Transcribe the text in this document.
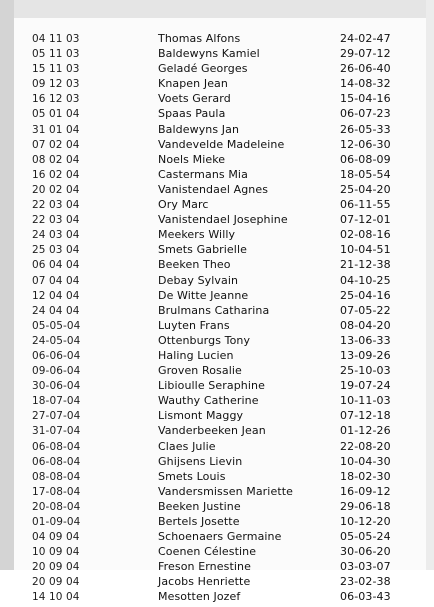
04 11 03	Thomas Alfons	24-02-47
05 11 03	Baldewyns Kamiel	29-07-12
15 11 03	Geladé Georges	26-06-40
09 12 03	Knapen Jean	14-08-32
16 12 03	Voets Gerard	15-04-16
05 01 04	Spaas Paula	06-07-23
31 01 04	Baldewyns Jan	26-05-33
07 02 04	Vandevelde Madeleine	12-06-30
08 02 04	Noels Mieke	06-08-09
16 02 04	Castermans Mia	18-05-54
20 02 04	Vanistendael Agnes	25-04-20
22 03 04	Ory Marc	06-11-55
22 03 04	Vanistendael Josephine	07-12-01
24 03 04	Meekers Willy	02-08-16
25 03 04	Smets Gabrielle	10-04-51
06 04 04	Beeken Theo	21-12-38
07 04 04	Debay Sylvain	04-10-25
12 04 04	De Witte Jeanne	25-04-16
24 04 04	Brulmans Catharina	07-05-22
05-05-04	Luyten Frans	08-04-20
24-05-04	Ottenburgs Tony	13-06-33
06-06-04	Haling Lucien	13-09-26
09-06-04	Groven Rosalie	25-10-03
30-06-04	Libioulle Seraphine	19-07-24
18-07-04	Wauthy Catherine	10-11-03
27-07-04	Lismont Maggy	07-12-18
31-07-04	Vanderbeeken Jean	01-12-26
06-08-04	Claes Julie	22-08-20
06-08-04	Ghijsens Lievin	10-04-30
08-08-04	Smets Louis	18-02-30
17-08-04	Vandersmissen Mariette	16-09-12
20-08-04	Beeken Justine	29-06-18
01-09-04	Bertels Josette	10-12-20
04 09 04	Schoenaers Germaine	05-05-24
10 09 04	Coenen Célestine	30-06-20
20 09 04	Freson Ernestine	03-03-07
20 09 04	Jacobs Henriette	23-02-38
14 10 04	Mesotten Jozef	06-03-43
